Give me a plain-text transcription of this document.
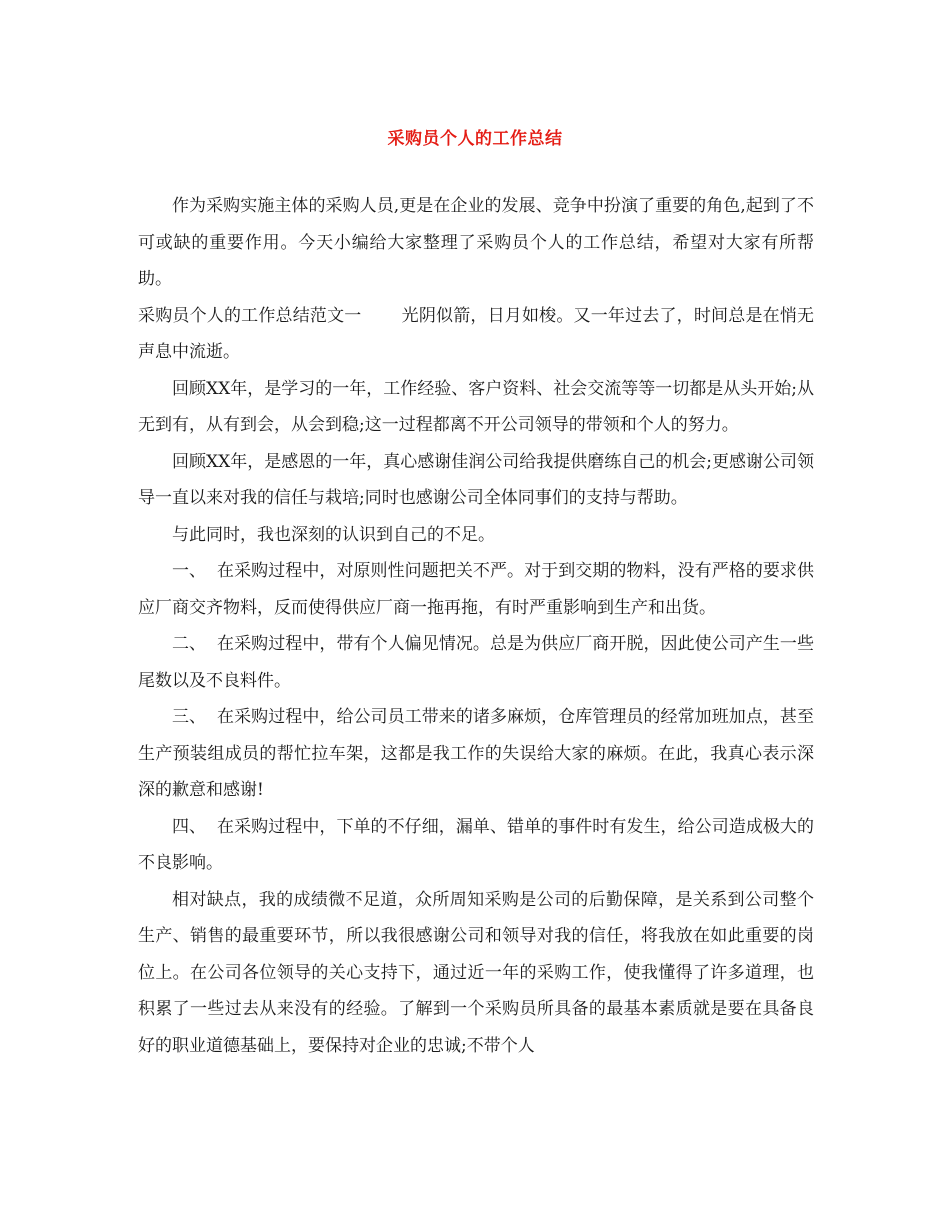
采购员个人的工作总结

作为采购实施主体的采购人员,更是在企业的发展、竞争中扮演了重要的角色,起到了不可或缺的重要作用。今天小编给大家整理了采购员个人的工作总结，希望对大家有所帮助。

采购员个人的工作总结范文一 光阴似箭，日月如梭。又一年过去了，时间总是在悄无声息中流逝。

回顾XX年，是学习的一年，工作经验、客户资料、社会交流等等一切都是从头开始;从无到有，从有到会，从会到稳;这一过程都离不开公司领导的带领和个人的努力。

回顾XX年，是感恩的一年，真心感谢佳润公司给我提供磨练自己的机会;更感谢公司领导一直以来对我的信任与栽培;同时也感谢公司全体同事们的支持与帮助。

与此同时，我也深刻的认识到自己的不足。

一、  在采购过程中，对原则性问题把关不严。对于到交期的物料，没有严格的要求供应厂商交齐物料，反而使得供应厂商一拖再拖，有时严重影响到生产和出货。

二、  在采购过程中，带有个人偏见情况。总是为供应厂商开脱，因此使公司产生一些尾数以及不良料件。

三、  在采购过程中，给公司员工带来的诸多麻烦，仓库管理员的经常加班加点，甚至生产预装组成员的帮忙拉车架，这都是我工作的失误给大家的麻烦。在此，我真心表示深深的歉意和感谢!

四、  在采购过程中，下单的不仔细，漏单、错单的事件时有发生，给公司造成极大的不良影响。

相对缺点，我的成绩微不足道，众所周知采购是公司的后勤保障，是关系到公司整个生产、销售的最重要环节，所以我很感谢公司和领导对我的信任，将我放在如此重要的岗位上。在公司各位领导的关心支持下，通过近一年的采购工作，使我懂得了许多道理，也积累了一些过去从来没有的经验。了解到一个采购员所具备的最基本素质就是要在具备良好的职业道德基础上，要保持对企业的忠诚;不带个人
